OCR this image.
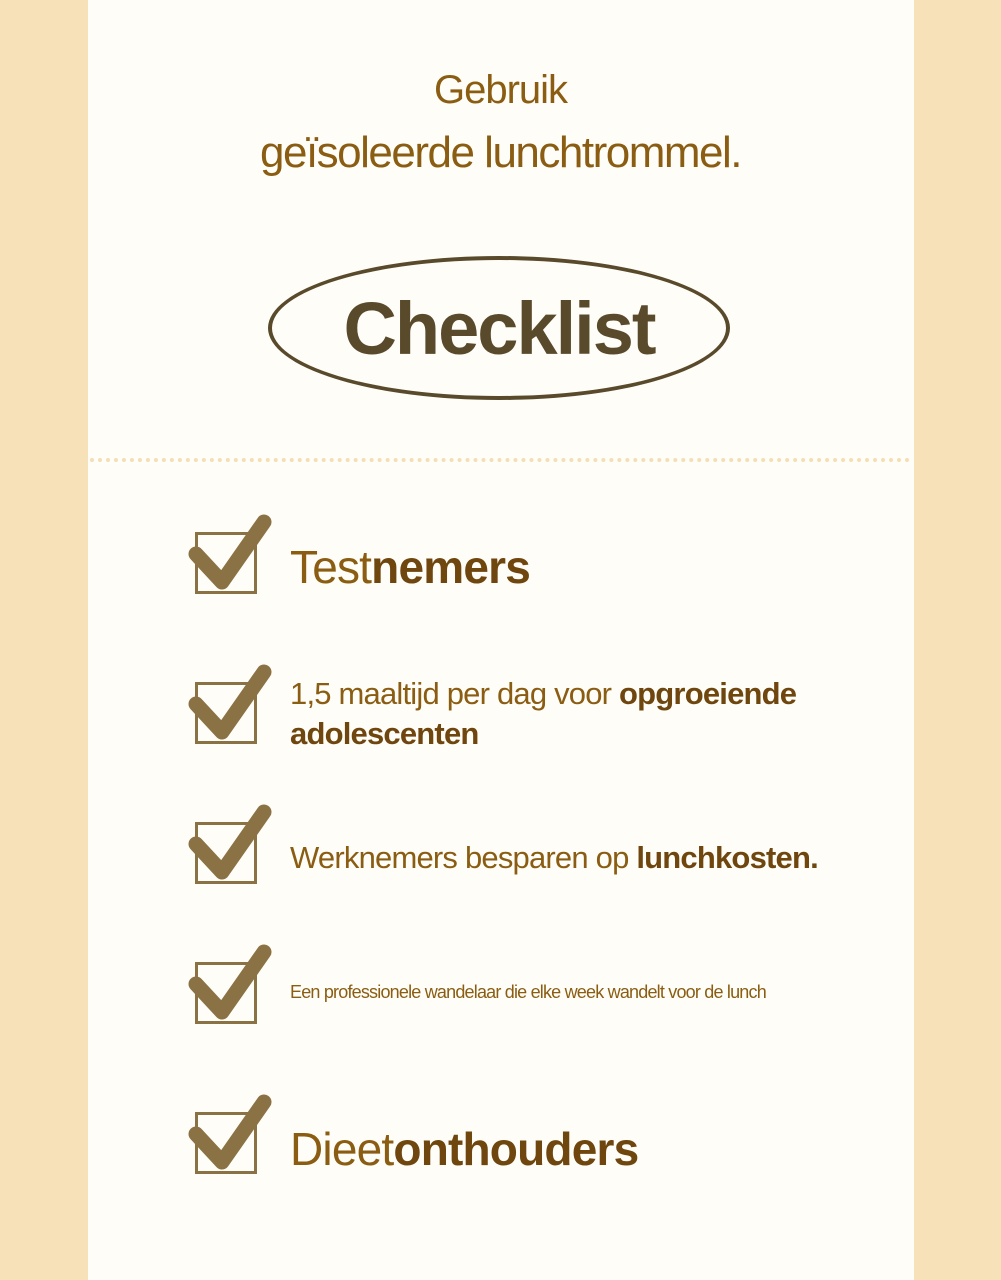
Gebruik
geïsoleerde lunchtrommel.
Checklist
Testnemers
1,5 maaltijd per dag voor opgroeiende adolescenten
Werknemers besparen op lunchkosten.
Een professionele wandelaar die elke week wandelt voor de lunch
Dieetonthouders
